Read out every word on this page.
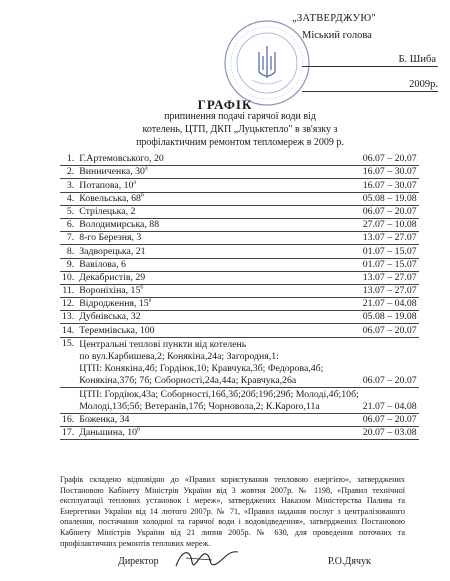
„ЗАТВЕРДЖУЮ"
Міський голова
Б. Шиба
2009р.
ГРАФІК
припинення подачі гарячої води від
котелень, ЦТП, ДКП „Луцьктепло" в зв'язку з
профілактичним ремонтом тепломереж в 2009 р.
1.	Г.Артемовського, 20	06.07 – 20.07
2.	Винниченка, $30^а$	16.07 – 30.07
3.	Потапова, $10^а$	16.07 – 30.07
4.	Ковельська, $68^б$	05.08 – 19.08
5.	Стрілецька, 2	06.07 – 20.07
6.	Володимирська, 88	27.07 – 10.08
7.	8-го Березня, 3	13.07 – 27.07
8.	Задворецька, 21	01.07 – 15.07
9.	Вавілова, 6	01.07 – 15.07
10.	Декабристів, 29	13.07 – 27.07
11.	Вороніхіна, $15^б$	13.07 – 27.07
12.	Відродження, $15^а$	21.07 – 04.08
13.	Дубнівська, 32	05.08 – 19.08
14.	Теремнівська, 100	06.07 – 20.07
15.	Центральні теплові пункти від котелень
по вул.Карбишева,2; Конякіна,24а; Загородня,1:
ЦТП: Конякіна,4б; Гордіюк,10; Кравчука,3б; Федорова,4б;
Конякіна,37б; 7б; Соборності,24а,44а; Кравчука,26а	06.07 – 20.07

	ЦТП: Гордіюк,43а; Соборності,16б,3б;20б;19б;29б; Молоді,4б;10б;
Молоді,13б;5б; Ветеранів,17б; Чорновола,2; К.Кароrо,11а	21.07 – 04.08
16.	Боженка, 34	06.07 – 20.07
17.	Даньшина, $10^б$	20.07 – 03.08
Графік складено відповідно до «Правил користування тепловою енергією», затверджених Постановою Кабінету Міністрів України від 3 жовтня 2007р. № 1198, «Правил технічної експлуатації теплових установок і мереж», затверджених Наказом Міністерства Палива та Енергетики України від 14 лютого 2007р. № 71, «Правил надання послуг з централізованого опалення, постачання холодної та гарячої води і водовідведення», затверджених Постановою Кабінету Міністрів України від 21 липня 2005р. № 630, для проведення поточних та профілактичних ремонтів теплових мереж.
Директор	Р.О.Дячук
